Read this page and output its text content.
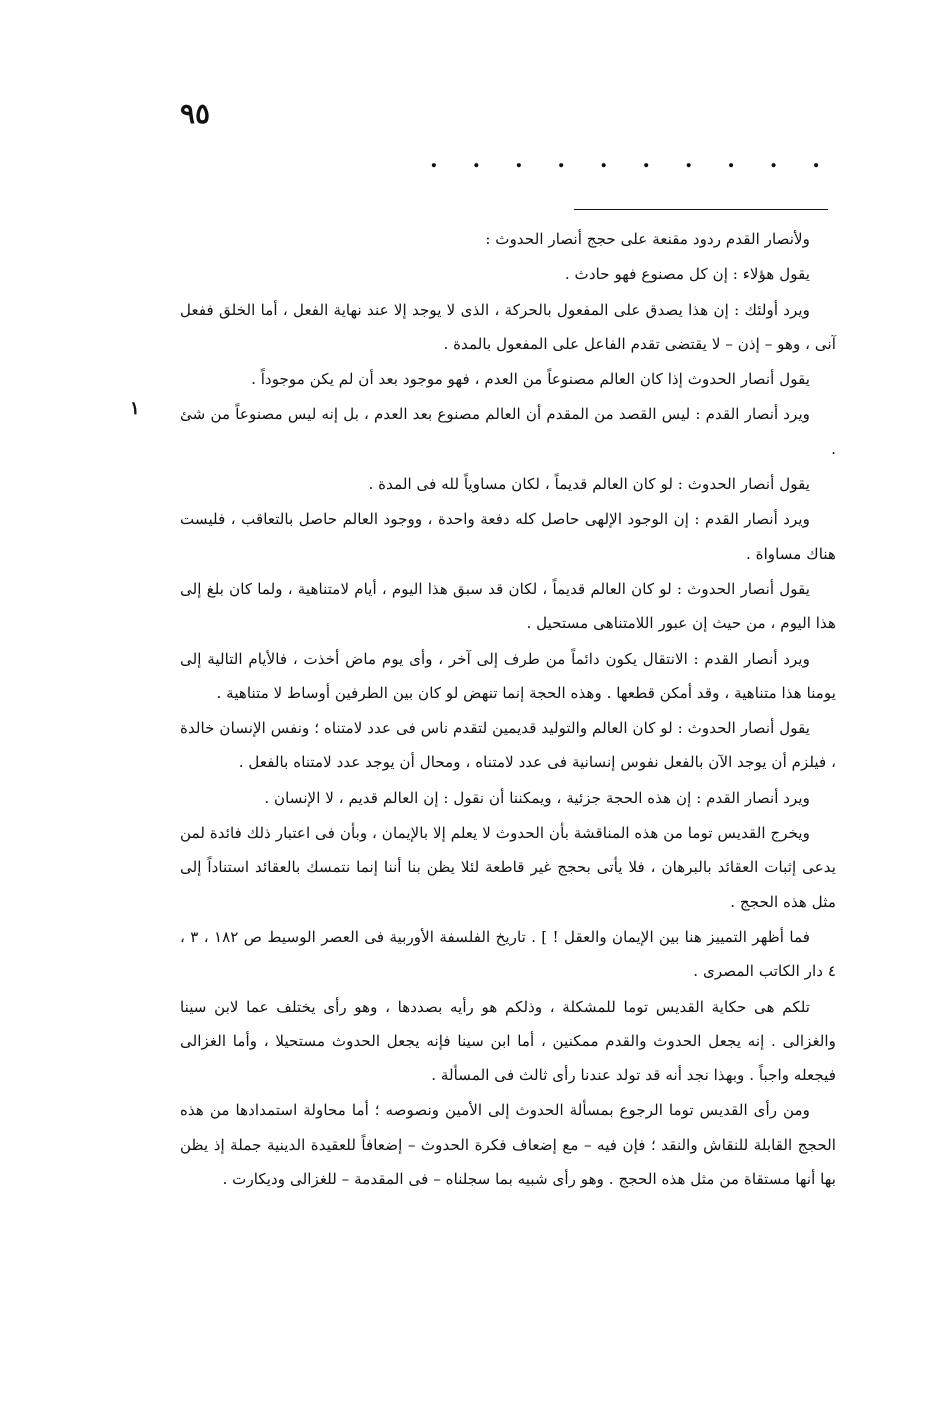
٩٥
. . . . . . . . . .
١

ولأنصار القدم ردود مقنعة على حجج أنصار الحدوث :

يقول هؤلاء : إن كل مصنوع فهو حادث .

ويرد أولئك : إن هذا يصدق على المفعول بالحركة ، الذى لا يوجد إلا عند نهاية الفعل ، أما الخلق ففعل آنى ، وهو – إذن – لا يقتضى تقدم الفاعل على المفعول بالمدة .

يقول أنصار الحدوث إذا كان العالم مصنوعاً من العدم ، فهو موجود بعد أن لم يكن موجوداً .

ويرد أنصار القدم : ليس القصد من المقدم أن العالم مصنوع بعد العدم ، بل إنه ليس مصنوعاً من شئ .

يقول أنصار الحدوث : لو كان العالم قديماً ، لكان مساوياً لله فى المدة .

ويرد أنصار القدم : إن الوجود الإلهى حاصل كله دفعة واحدة ، ووجود العالم حاصل بالتعاقب ، فليست هناك مساواة .

يقول أنصار الحدوث : لو كان العالم قديماً ، لكان قد سبق هذا اليوم ، أيام لامتناهية ، ولما كان بلغ إلى هذا اليوم ، من حيث إن عبور اللامتناهى مستحيل .

ويرد أنصار القدم : الانتقال يكون دائماً من طرف إلى آخر ، وأى يوم ماض أخذت ، فالأيام التالية إلى يومنا هذا متناهية ، وقد أمكن قطعها . وهذه الحجة إنما تنهض لو كان بين الطرفين أوساط لا متناهية .

يقول أنصار الحدوث : لو كان العالم والتوليد قديمين لتقدم ناس فى عدد لامتناه ؛ ونفس الإنسان خالدة ، فيلزم أن يوجد الآن بالفعل نفوس إنسانية فى عدد لامتناه ، ومحال أن يوجد عدد لامتناه بالفعل .

ويرد أنصار القدم : إن هذه الحجة جزئية ، ويمكننا أن نقول : إن العالم قديم ، لا الإنسان .

ويخرج القديس توما من هذه المناقشة بأن الحدوث لا يعلم إلا بالإيمان ، وبأن فى اعتبار ذلك فائدة لمن يدعى إثبات العقائد بالبرهان ، فلا يأتى بحجج غير قاطعة لئلا يظن بنا أننا إنما نتمسك بالعقائد استناداً إلى مثل هذه الحجج .

فما أظهر التمييز هنا بين الإيمان والعقل ! ] . تاريخ الفلسفة الأوربية فى العصر الوسيط ص ١٨٢ ، ٣ ، ٤ دار الكاتب المصرى .

تلكم هى حكاية القديس توما للمشكلة ، وذلكم هو رأيه بصددها ، وهو رأى يختلف عما لابن سينا والغزالى . إنه يجعل الحدوث والقدم ممكنين ، أما ابن سينا فإنه يجعل الحدوث مستحيلا ، وأما الغزالى فيجعله واجباً . وبهذا نجد أنه قد تولد عندنا رأى ثالث فى المسألة .

ومن رأى القديس توما الرجوع بمسألة الحدوث إلى الأمين ونصوصه ؛ أما محاولة استمدادها من هذه الحجج القابلة للنقاش والنقد ؛ فإن فيه – مع إضعاف فكرة الحدوث – إضعافاً للعقيدة الدينية جملة إذ يظن بها أنها مستقاة من مثل هذه الحجج . وهو رأى شبيه بما سجلناه – فى المقدمة – للغزالى وديكارت .
